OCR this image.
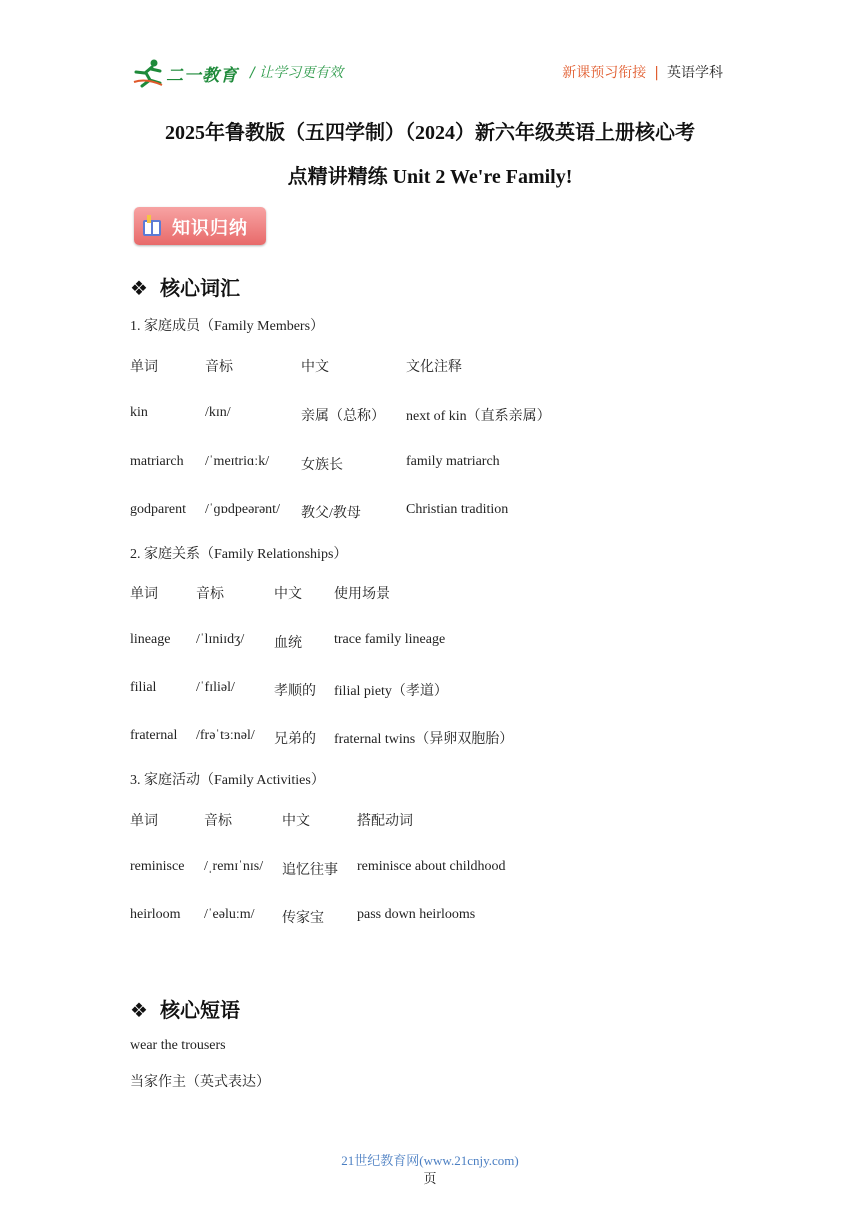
二一教育 / 让学习更有效	新课预习衔接 | 英语学科
2025年鲁教版（五四学制）（2024）新六年级英语上册核心考
点精讲精练 Unit 2 We're Family!
知识归纳
❖ 核心词汇
1. 家庭成员（Family Members）
单词	音标	中文	文化注释
kin	/kɪn/	亲属（总称） next of kin（直系亲属）
matriarch /ˈmeɪtriɑːk/ 女族长	family matriarch
godparent /ˈɡɒdpeərənt/ 教父/教母	Christian tradition
2. 家庭关系（Family Relationships）
单词	音标	中文 使用场景
lineage /ˈlɪniɪdʒ/ 血统 trace family lineage
filial	/ˈfɪliəl/	孝顺的 filial piety（孝道）
fraternal /frəˈtɜːnəl/ 兄弟的 fraternal twins（异卵双胞胎）
3. 家庭活动（Family Activities）
单词	音标	中文	搭配动词
reminisce /ˌremɪˈnɪs/ 追忆往事 reminisce about childhood
heirloom /ˈeəluːm/ 传家宝 pass down heirlooms
❖ 核心短语
wear the trousers
当家作主（英式表达）
21世纪教育网(www.21cnjy.com)
页
